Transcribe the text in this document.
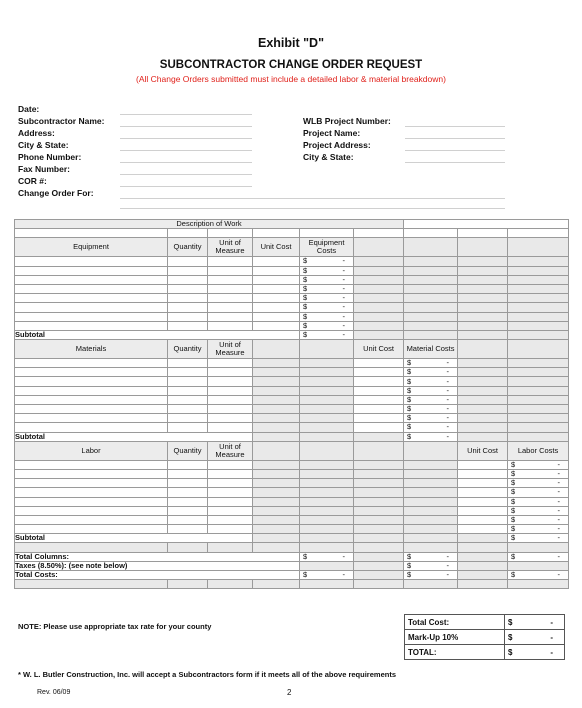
Exhibit "D"
SUBCONTRACTOR CHANGE ORDER REQUEST
(All Change Orders submitted must include a detailed labor & material breakdown)
Date:
Subcontractor Name:
Address:
City & State:
Phone Number:
Fax Number:
COR #:
Change Order For:
WLB Project Number:
Project Name:
Project Address:
City & State:
Description of Work								

Equipment	Quantity	Unit of Measure	Unit Cost	Equipment Costs				

				$ -				

				$ -				

				$ -				

				$ -				

				$ -				

				$ -				

				$ -				

				$ -				

Subtotal				$ -				

Materials	Quantity	Unit of Measure			Unit Cost	Material Costs		

						$ -		

						$ -		

						$ -		

						$ -		

						$ -		

						$ -		

						$ -		

						$ -		

Subtotal						$ -		

Labor	Quantity	Unit of Measure					Unit Cost	Labor Costs

								$ -

								$ -

								$ -

								$ -

								$ -

								$ -

								$ -

								$ -

Subtotal								$ -

Total Columns:				$ -		$ -		$ -

Taxes (8.50%): (see note below)						$ -		

Total Costs:				$ -		$ -		$ -

NOTE: Please use appropriate tax rate for your county	Total Cost:	$ -

Mark-Up 10%	$ -

TOTAL:	$ -
* W. L. Butler Construction, Inc. will accept a Subcontractors form if it meets all of the above requirements
Rev. 06/09	2
